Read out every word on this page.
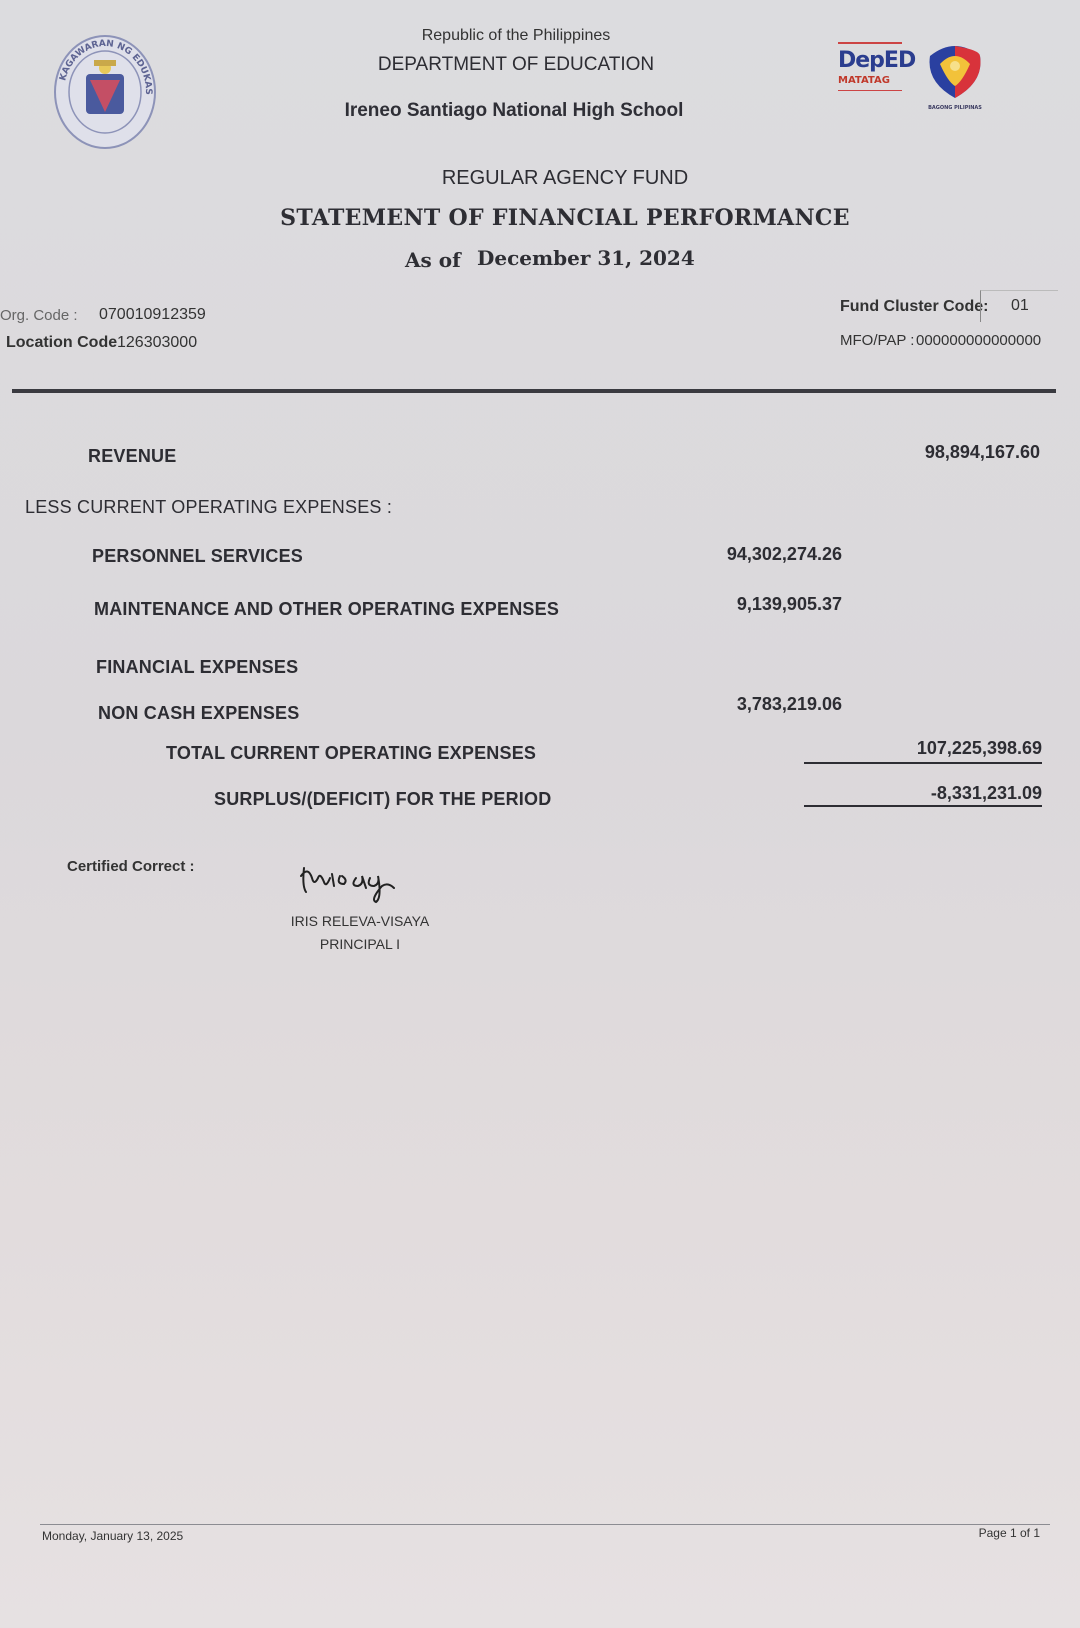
KAGAWARAN NG EDUKAS
DepED
MATATAG
BAGONG PILIPINAS
Republic of the Philippines
DEPARTMENT OF EDUCATION
Ireneo Santiago National High School
REGULAR AGENCY FUND
STATEMENT OF FINANCIAL PERFORMANCE
As of December 31, 2024
Org. Code : 070010912359
Location Code 126303000
Fund Cluster Code:	01
MFO/PAP : 000000000000000
REVENUE	98,894,167.60
LESS CURRENT OPERATING EXPENSES :
PERSONNEL SERVICES	94,302,274.26
MAINTENANCE AND OTHER OPERATING EXPENSES	9,139,905.37
FINANCIAL EXPENSES
NON CASH EXPENSES	3,783,219.06
TOTAL CURRENT OPERATING EXPENSES	107,225,398.69
SURPLUS/(DEFICIT) FOR THE PERIOD	-8,331,231.09
Certified Correct :
IRIS RELEVA-VISAYA
PRINCIPAL I
Monday, January 13, 2025	Page 1 of 1
